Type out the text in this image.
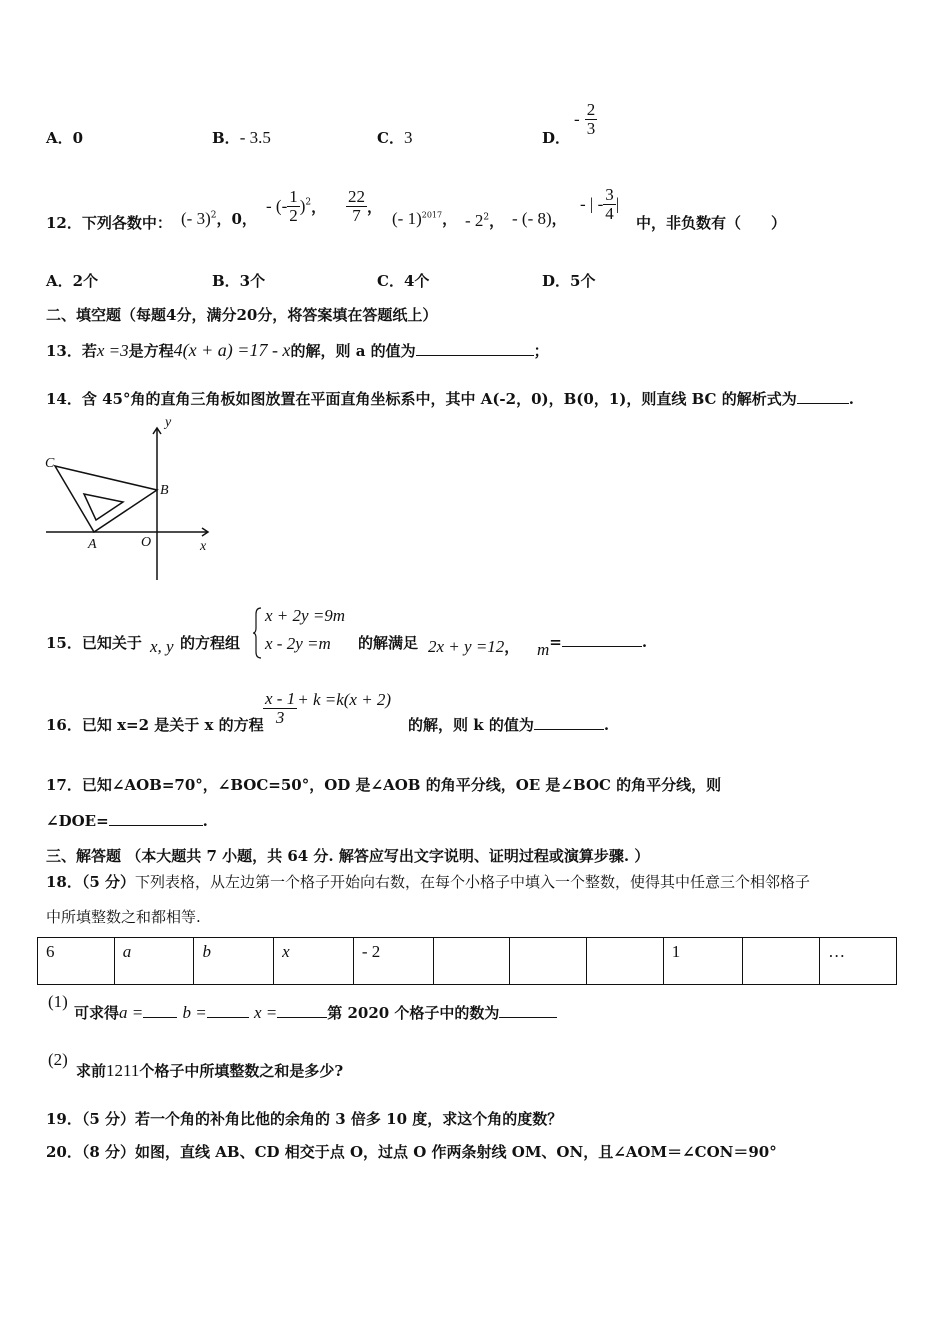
A．0	B．- 3.5	C．3	D．
- $\frac{2}{3}$
12．下列各数中： (- 3)$^2$，0，
- (- $\frac{1}{2} )^2$， $\frac{22}{7}$ ，
(- 1)$^{2017}$， - $2^2$， - (- 8)，
- | - $\frac{3}{4}$ |
中，非负数有（　　）
A．2个	B．3个	C．4个	D．5个
二、填空题（每题4分，满分20分，将答案填在答题纸上）
13．若x =3是方程4(x + a) =17 - x的解，则 a 的值为	；
14．含 45°角的直角三角板如图放置在平面直角坐标系中，其中 A(-2，0)，B(0，1)，则直线 BC 的解析式为	.
y
C
B
A	O	x
15．已知关于 x, y 的方程组
x + 2y =9m
x - 2y =m 的解满足 2x + y =12， m=	.
16．已知 x=2 是关于 x 的方程 $\frac{x - 1}{3} + k =k(x + 2)$
的解，则 k 的值为	.
17．已知∠AOB=70°，∠BOC=50°，OD 是∠AOB 的角平分线，OE 是∠BOC 的角平分线，则
∠DOE=	.
三、解答题 （本大题共 7 小题，共 64 分. 解答应写出文字说明、证明过程或演算步骤. ）
18．（5 分）下列表格，从左边第一个格子开始向右数，在每个小格子中填入一个整数，使得其中任意三个相邻格子
中所填整数之和都相等.
6	a	b	x	- 2				1		…
(1)
可求得a = b =	x =	第 2020 个格子中的数为
(2)
求前1211个格子中所填整数之和是多少?
19．（5 分）若一个角的补角比他的余角的 3 倍多 10 度，求这个角的度数？
20．（8 分）如图，直线 AB、CD 相交于点 O，过点 O 作两条射线 OM、ON，且∠AOM＝∠CON＝90°
